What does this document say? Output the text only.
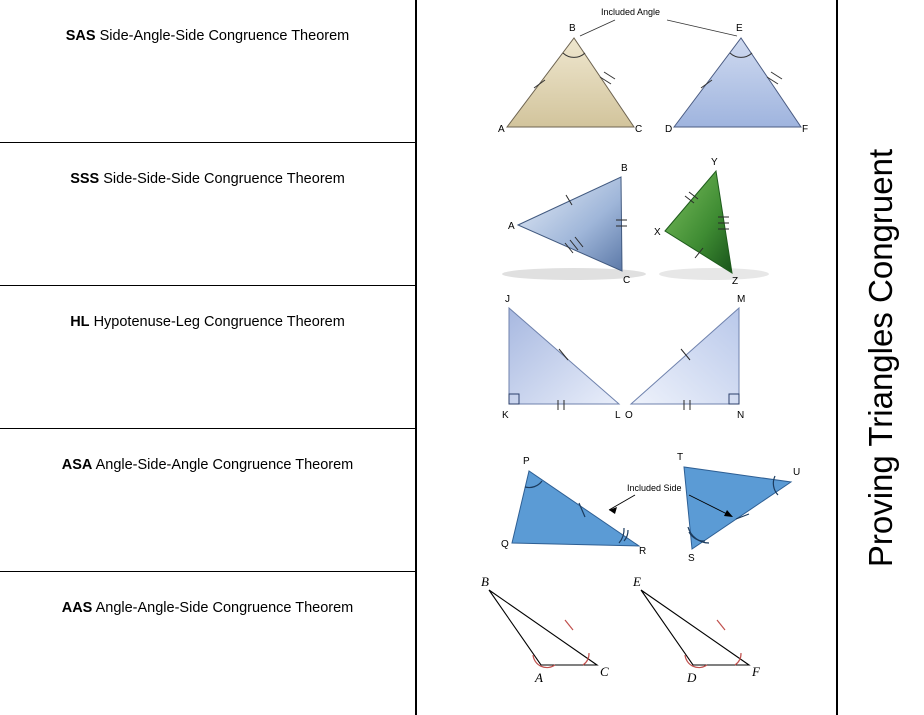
SAS Side-Angle-Side Congruence Theorem
SSS Side-Side-Side Congruence Theorem
HL Hypotenuse-Leg Congruence Theorem
ASA Angle-Side-Angle Congruence Theorem
AAS Angle-Angle-Side Congruence Theorem
Included Angle
A
B
C D
E
F
A
B
C
X
Y
Z
J
K	L
M
N
O
Included Side
P
Q
R
S
T
U
B
A	C
E
D	F
Proving Triangles Congruent
